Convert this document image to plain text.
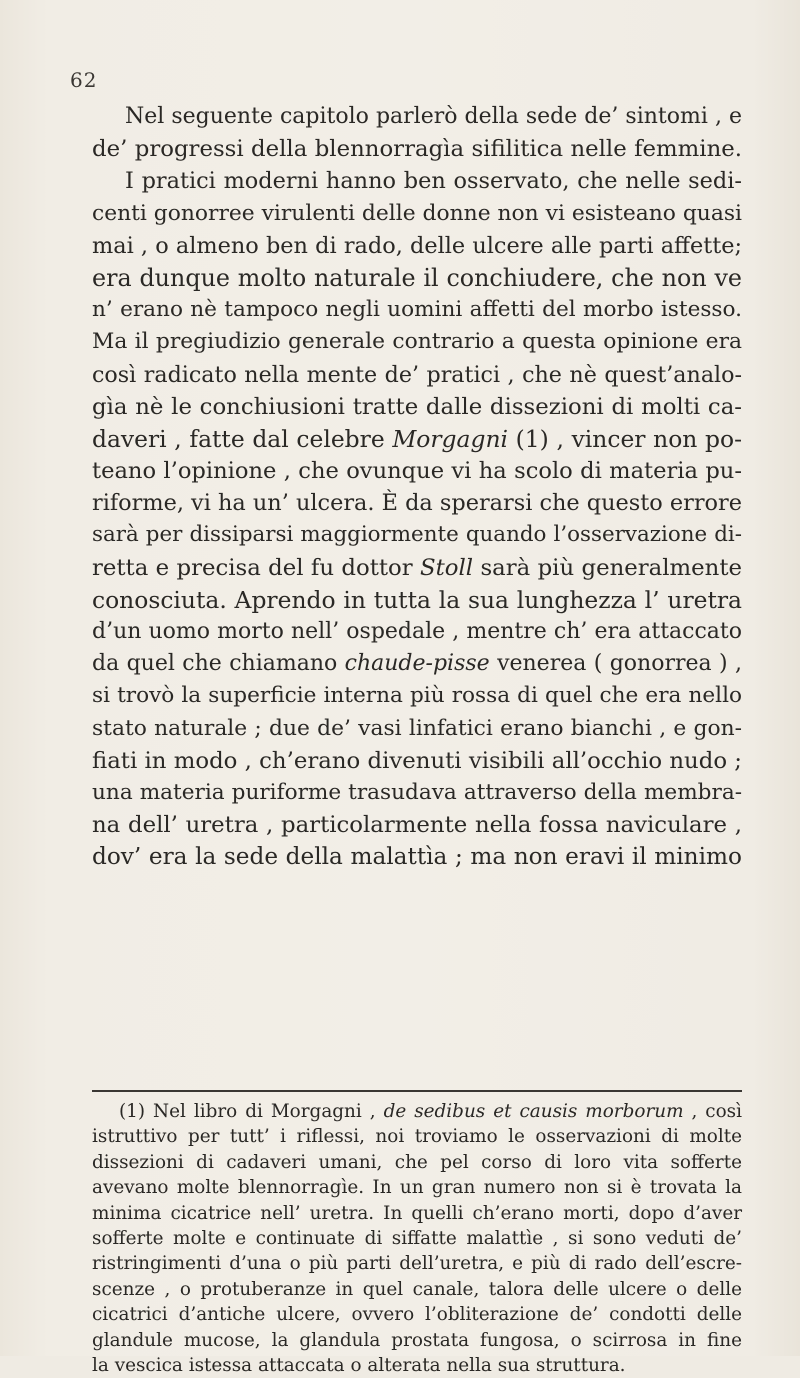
62
Nel seguente capitolo parlerò della sede de’ sintomi , e
de’ progressi della blennorragìa sifilitica nelle femmine.
I pratici moderni hanno ben osservato, che nelle sedi-
centi gonorree virulenti delle donne non vi esisteano quasi
mai , o almeno ben di rado, delle ulcere alle parti affette;
era dunque molto naturale il conchiudere, che non ve
n’ erano nè tampoco negli uomini affetti del morbo istesso.
Ma il pregiudizio generale contrario a questa opinione era
così radicato nella mente de’ pratici , che nè quest’analo-
gìa nè le conchiusioni tratte dalle dissezioni di molti ca-
daveri , fatte dal celebre Morgagni (1) , vincer non po-
teano l’opinione , che ovunque vi ha scolo di materia pu-
riforme, vi ha un’ ulcera. È da sperarsi che questo errore
sarà per dissiparsi maggiormente quando l’osservazione di-
retta e precisa del fu dottor Stoll sarà più generalmente
conosciuta. Aprendo in tutta la sua lunghezza l’ uretra
d’un uomo morto nell’ ospedale , mentre ch’ era attaccato
da quel che chiamano chaude-pisse venerea ( gonorrea ) ,
si trovò la superficie interna più rossa di quel che era nello
stato naturale ; due de’ vasi linfatici erano bianchi , e gon-
fiati in modo , ch’erano divenuti visibili all’occhio nudo ;
una materia puriforme trasudava attraverso della membra-
na dell’ uretra , particolarmente nella fossa naviculare ,
dov’ era la sede della malattìa ; ma non eravi il minimo
(1) Nel libro di Morgagni , de sedibus et causis morborum , così
istruttivo per tutt’ i riflessi, noi troviamo le osservazioni di molte
dissezioni di cadaveri umani, che pel corso di loro vita sofferte
avevano molte blennorragìe. In un gran numero non si è trovata la
minima cicatrice nell’ uretra. In quelli ch’erano morti, dopo d’aver
sofferte molte e continuate di siffatte malattìe , si sono veduti de’
ristringimenti d’una o più parti dell’uretra, e più di rado dell’escre-
scenze , o protuberanze in quel canale, talora delle ulcere o delle
cicatrici d’antiche ulcere, ovvero l’obliterazione de’ condotti delle
glandule mucose, la glandula prostata fungosa, o scirrosa in fine
la vescica istessa attaccata o alterata nella sua struttura.
